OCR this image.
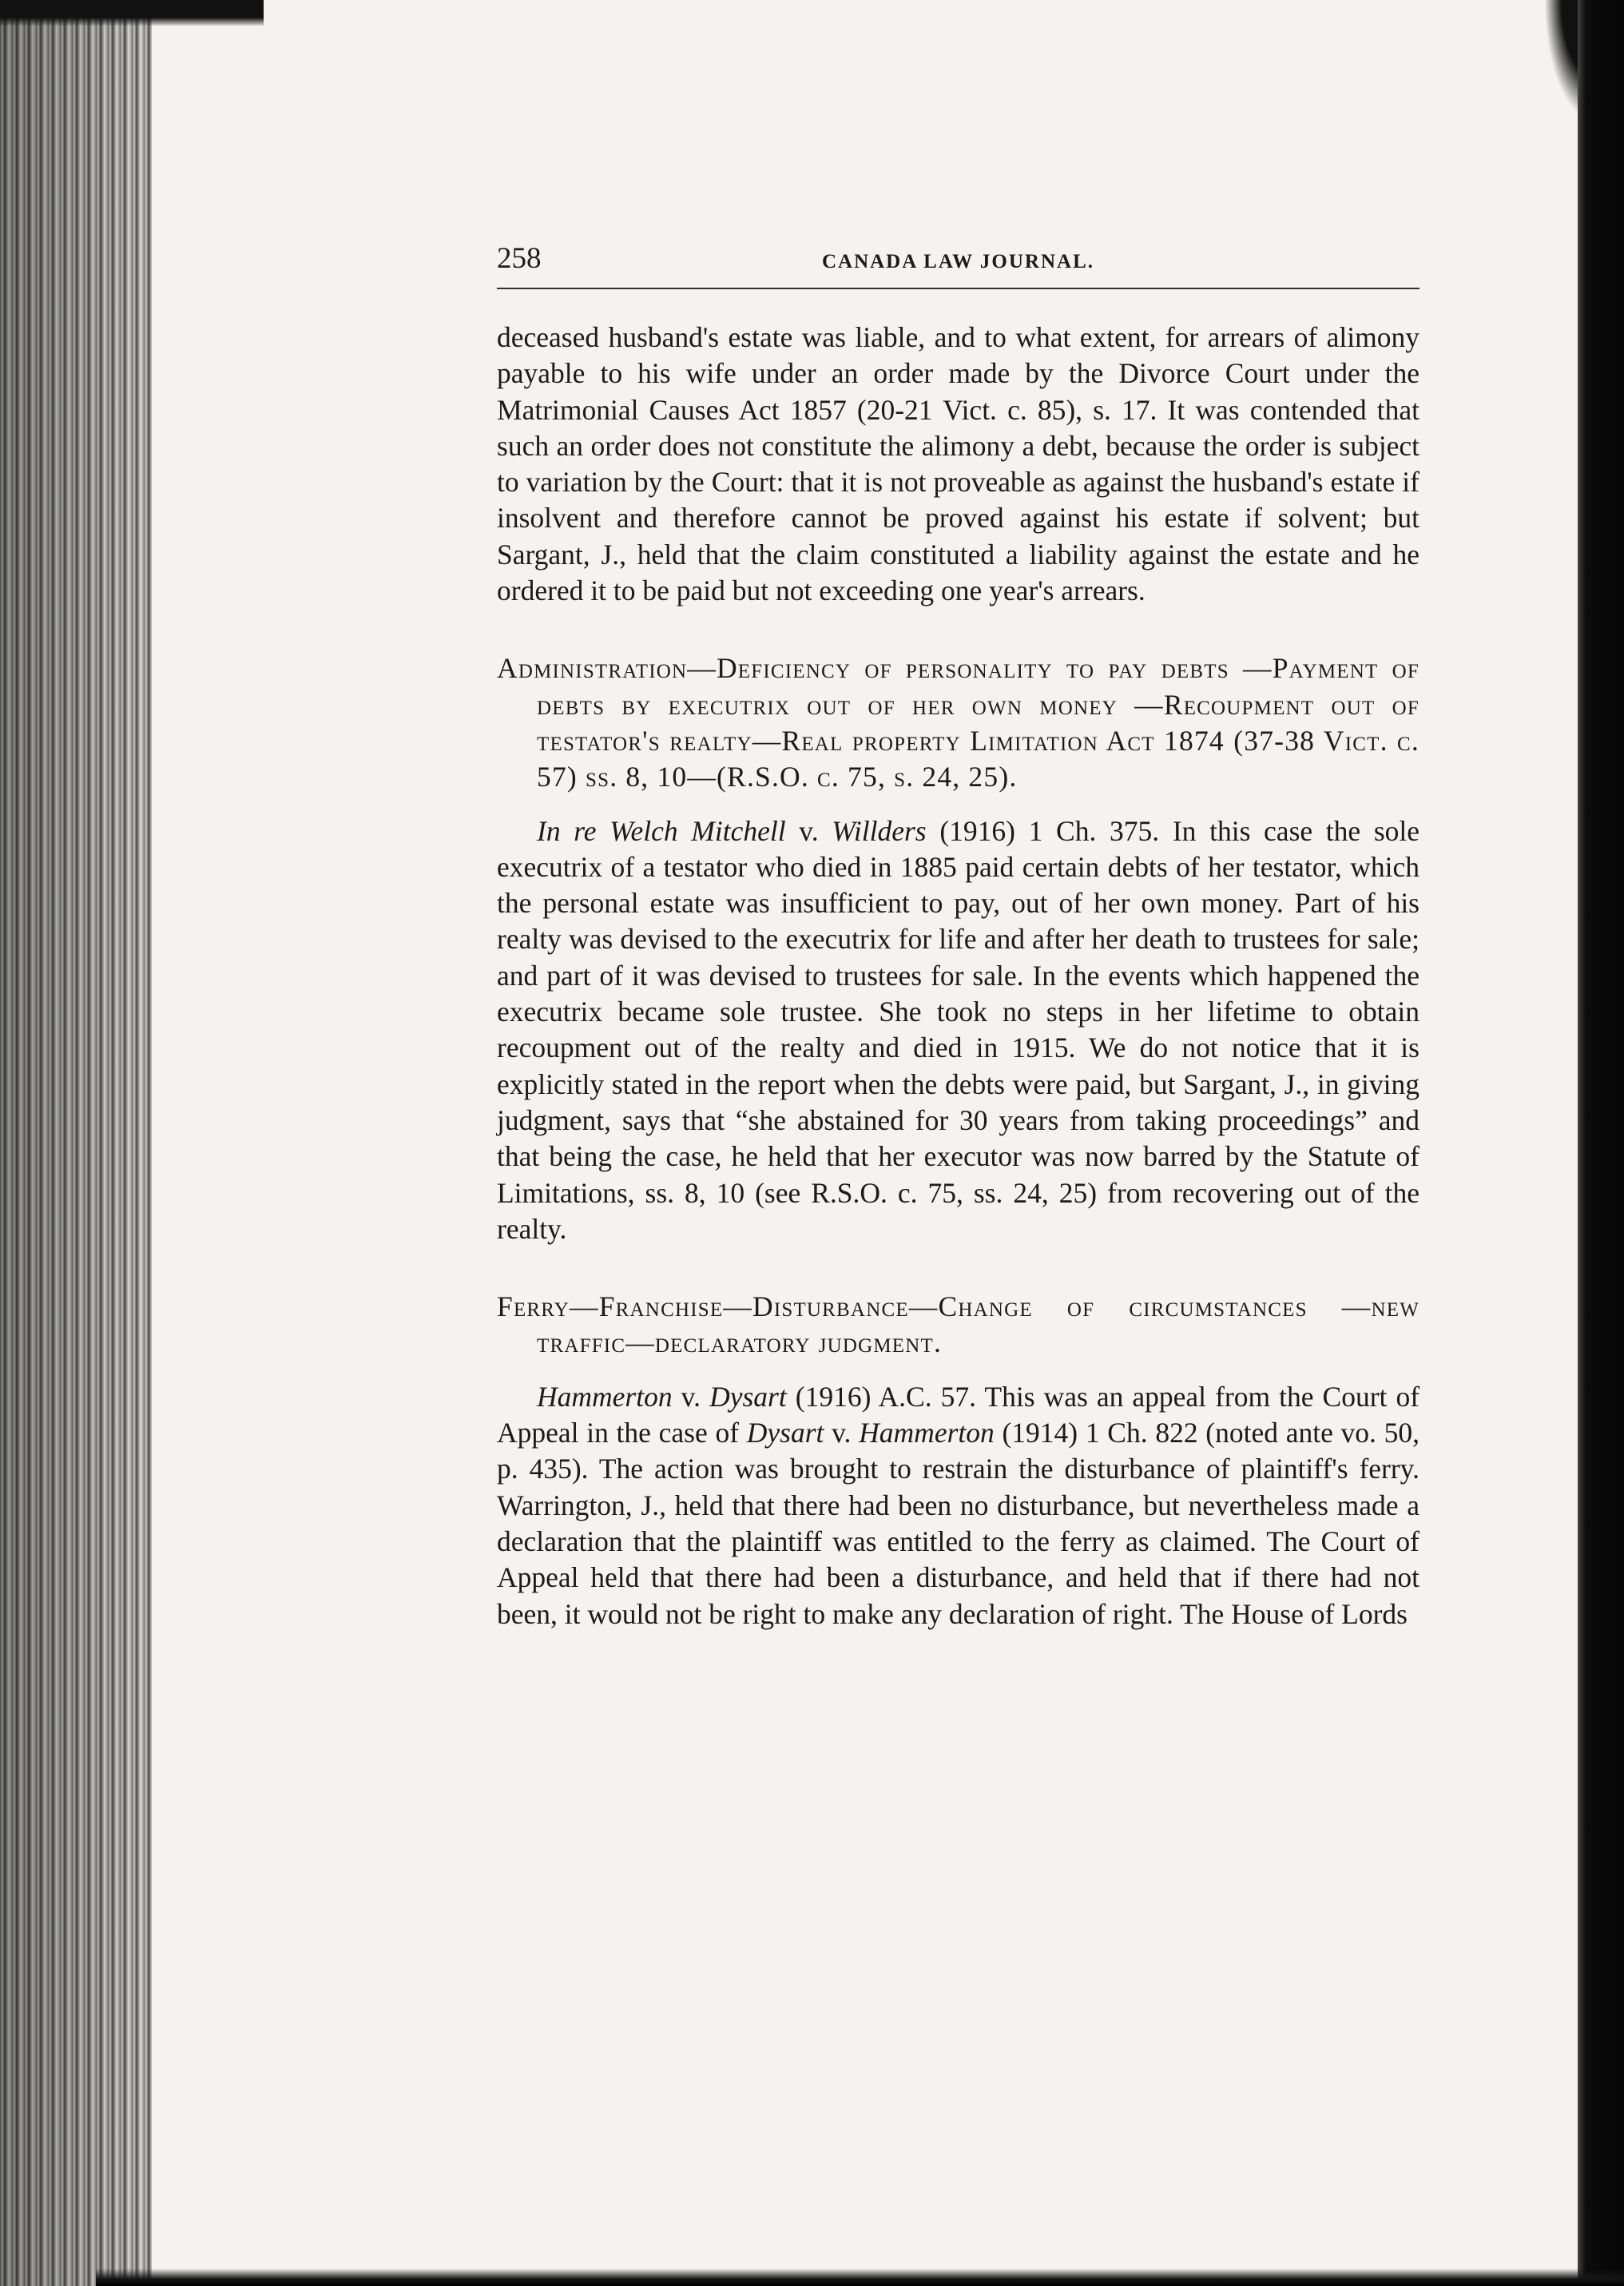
258	CANADA LAW JOURNAL.

deceased husband's estate was liable, and to what extent, for arrears of alimony payable to his wife under an order made by the Divorce Court under the Matrimonial Causes Act 1857 (20-21 Vict. c. 85), s. 17. It was contended that such an order does not constitute the alimony a debt, because the order is subject to variation by the Court: that it is not proveable as against the husband's estate if insolvent and therefore cannot be proved against his estate if solvent; but Sargant, J., held that the claim constituted a liability against the estate and he ordered it to be paid but not exceeding one year's arrears.

Administration—Deficiency of personality to pay debts —Payment of debts by executrix out of her own money —Recoupment out of testator's realty—Real property Limitation Act 1874 (37-38 Vict. c. 57) ss. 8, 10—(R.S.O. c. 75, s. 24, 25).

In re Welch Mitchell v. Willders (1916) 1 Ch. 375. In this case the sole executrix of a testator who died in 1885 paid certain debts of her testator, which the personal estate was insufficient to pay, out of her own money. Part of his realty was devised to the executrix for life and after her death to trustees for sale; and part of it was devised to trustees for sale. In the events which happened the executrix became sole trustee. She took no steps in her lifetime to obtain recoupment out of the realty and died in 1915. We do not notice that it is explicitly stated in the report when the debts were paid, but Sargant, J., in giving judgment, says that “she abstained for 30 years from taking proceedings” and that being the case, he held that her executor was now barred by the Statute of Limitations, ss. 8, 10 (see R.S.O. c. 75, ss. 24, 25) from recovering out of the realty.

Ferry—Franchise—Disturbance—Change of circumstances —new traffic—declaratory judgment.

Hammerton v. Dysart (1916) A.C. 57. This was an appeal from the Court of Appeal in the case of Dysart v. Hammerton (1914) 1 Ch. 822 (noted ante vo. 50, p. 435). The action was brought to restrain the disturbance of plaintiff's ferry. Warrington, J., held that there had been no disturbance, but nevertheless made a declaration that the plaintiff was entitled to the ferry as claimed. The Court of Appeal held that there had been a disturbance, and held that if there had not been, it would not be right to make any declaration of right. The House of Lords
